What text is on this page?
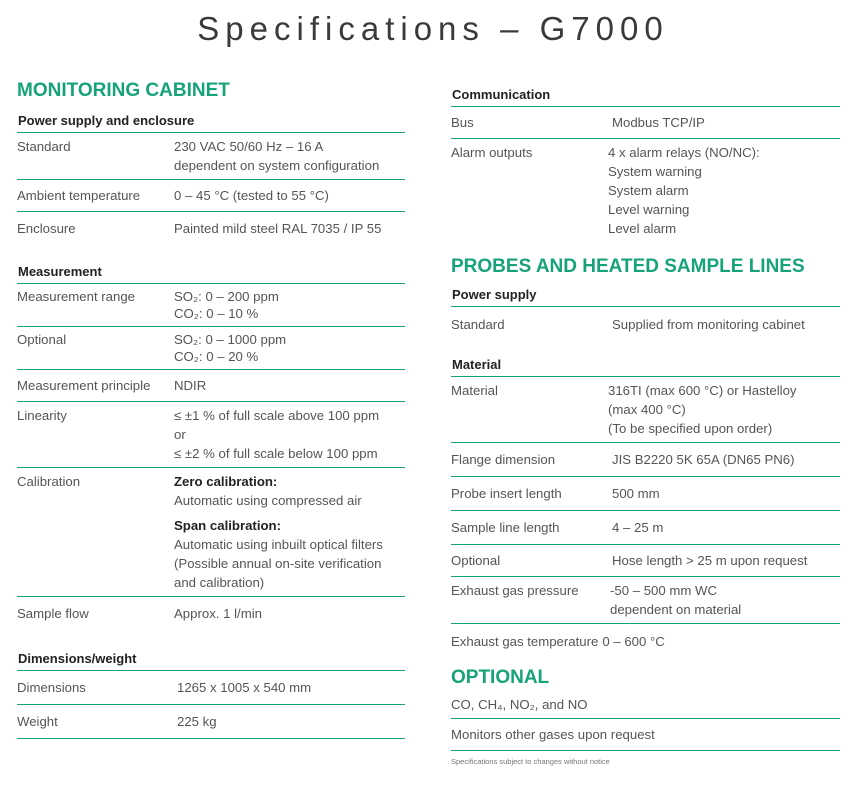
Specifications – G7000
MONITORING CABINET
Power supply and enclosure
Standard	230 VAC 50/60 Hz – 16 A
dependent on system configuration
Ambient temperature	0 – 45 °C (tested to 55 °C)
Enclosure	Painted mild steel RAL 7035 / IP 55
Measurement
Measurement range	SO₂: 0 – 200 ppm
CO₂: 0 – 10 %
Optional	SO₂: 0 – 1000 ppm
CO₂: 0 – 20 %
Measurement principle	NDIR
Linearity	≤ ±1 % of full scale above 100 ppm
or
≤ ±2 % of full scale below 100 ppm
Calibration	Zero calibration:
Automatic using compressed air
Span calibration:
Automatic using inbuilt optical filters
(Possible annual on-site verification
and calibration)
Sample flow	Approx. 1 l/min
Dimensions/weight
Dimensions	1265 x 1005 x 540 mm
Weight	225 kg
Communication
Bus	Modbus TCP/IP
Alarm outputs	4 x alarm relays (NO/NC):
System warning
System alarm
Level warning
Level alarm
PROBES AND HEATED SAMPLE LINES
Power supply
Standard	Supplied from monitoring cabinet
Material
Material	316TI (max 600 °C) or Hastelloy
(max 400 °C)
(To be specified upon order)
Flange dimension	JIS B2220 5K 65A (DN65 PN6)
Probe insert length	500 mm
Sample line length	4 – 25 m
Optional	Hose length > 25 m upon request
Exhaust gas pressure	-50 – 500 mm WC
dependent on material
Exhaust gas temperature 0 – 600 °C
OPTIONAL
CO, CH₄, NO₂, and NO
Monitors other gases upon request
Specifications subject to changes without notice
